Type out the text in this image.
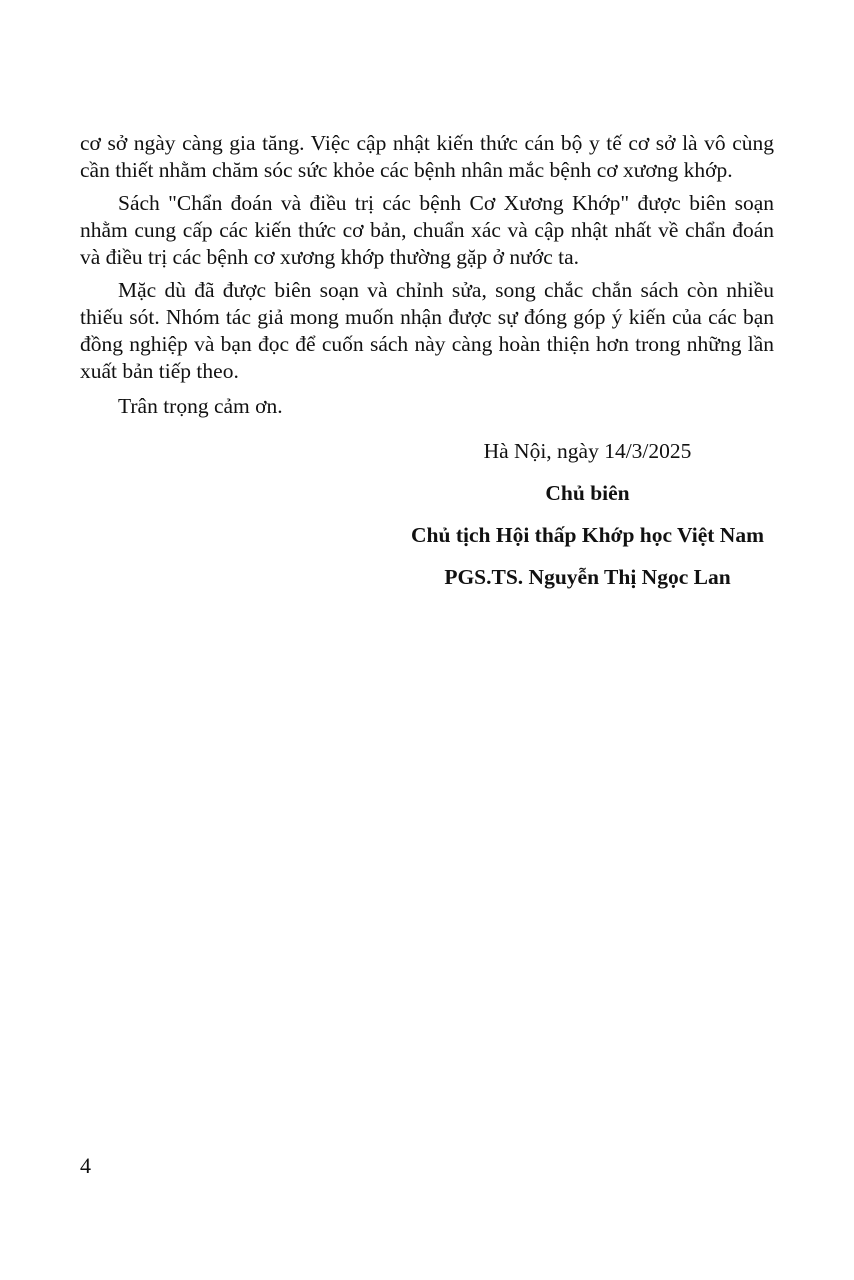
cơ sở ngày càng gia tăng. Việc cập nhật kiến thức cán bộ y tế cơ sở là vô cùng cần thiết nhằm chăm sóc sức khỏe các bệnh nhân mắc bệnh cơ xương khớp.

Sách "Chẩn đoán và điều trị các bệnh Cơ Xương Khớp" được biên soạn nhằm cung cấp các kiến thức cơ bản, chuẩn xác và cập nhật nhất về chẩn đoán và điều trị các bệnh cơ xương khớp thường gặp ở nước ta.

Mặc dù đã được biên soạn và chỉnh sửa, song chắc chắn sách còn nhiều thiếu sót. Nhóm tác giả mong muốn nhận được sự đóng góp ý kiến của các bạn đồng nghiệp và bạn đọc để cuốn sách này càng hoàn thiện hơn trong những lần xuất bản tiếp theo.

Trân trọng cảm ơn.

Hà Nội, ngày 14/3/2025
Chủ biên
Chủ tịch Hội thấp Khớp học Việt Nam
PGS.TS. Nguyễn Thị Ngọc Lan
4
